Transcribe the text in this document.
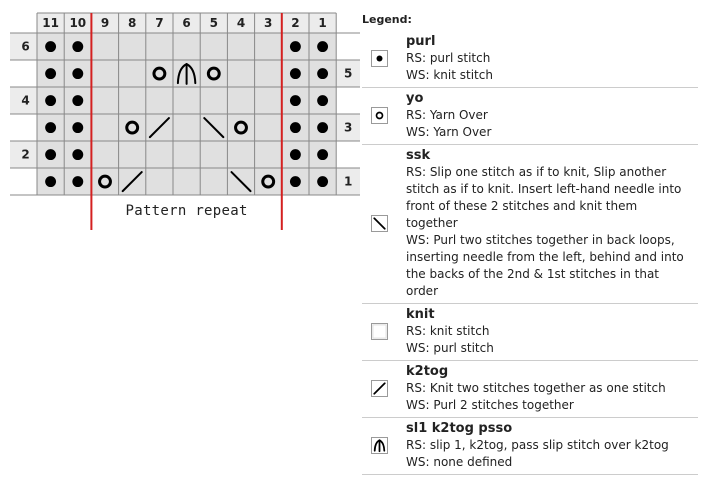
11 10 9 8 7 6 5 4 3 2 1
6
5
4
3
2
1
Pattern repeat
Legend:
purl
RS: purl stitch
WS: knit stitch
yo
RS: Yarn Over
WS: Yarn Over
ssk
RS: Slip one stitch as if to knit, Slip another
stitch as if to knit. Insert left-hand needle into
front of these 2 stitches and knit them
together
WS: Purl two stitches together in back loops,
inserting needle from the left, behind and into
the backs of the 2nd & 1st stitches in that
order
knit
RS: knit stitch
WS: purl stitch
k2tog
RS: Knit two stitches together as one stitch
WS: Purl 2 stitches together
sl1 k2tog psso
RS: slip 1, k2tog, pass slip stitch over k2tog
WS: none defined
